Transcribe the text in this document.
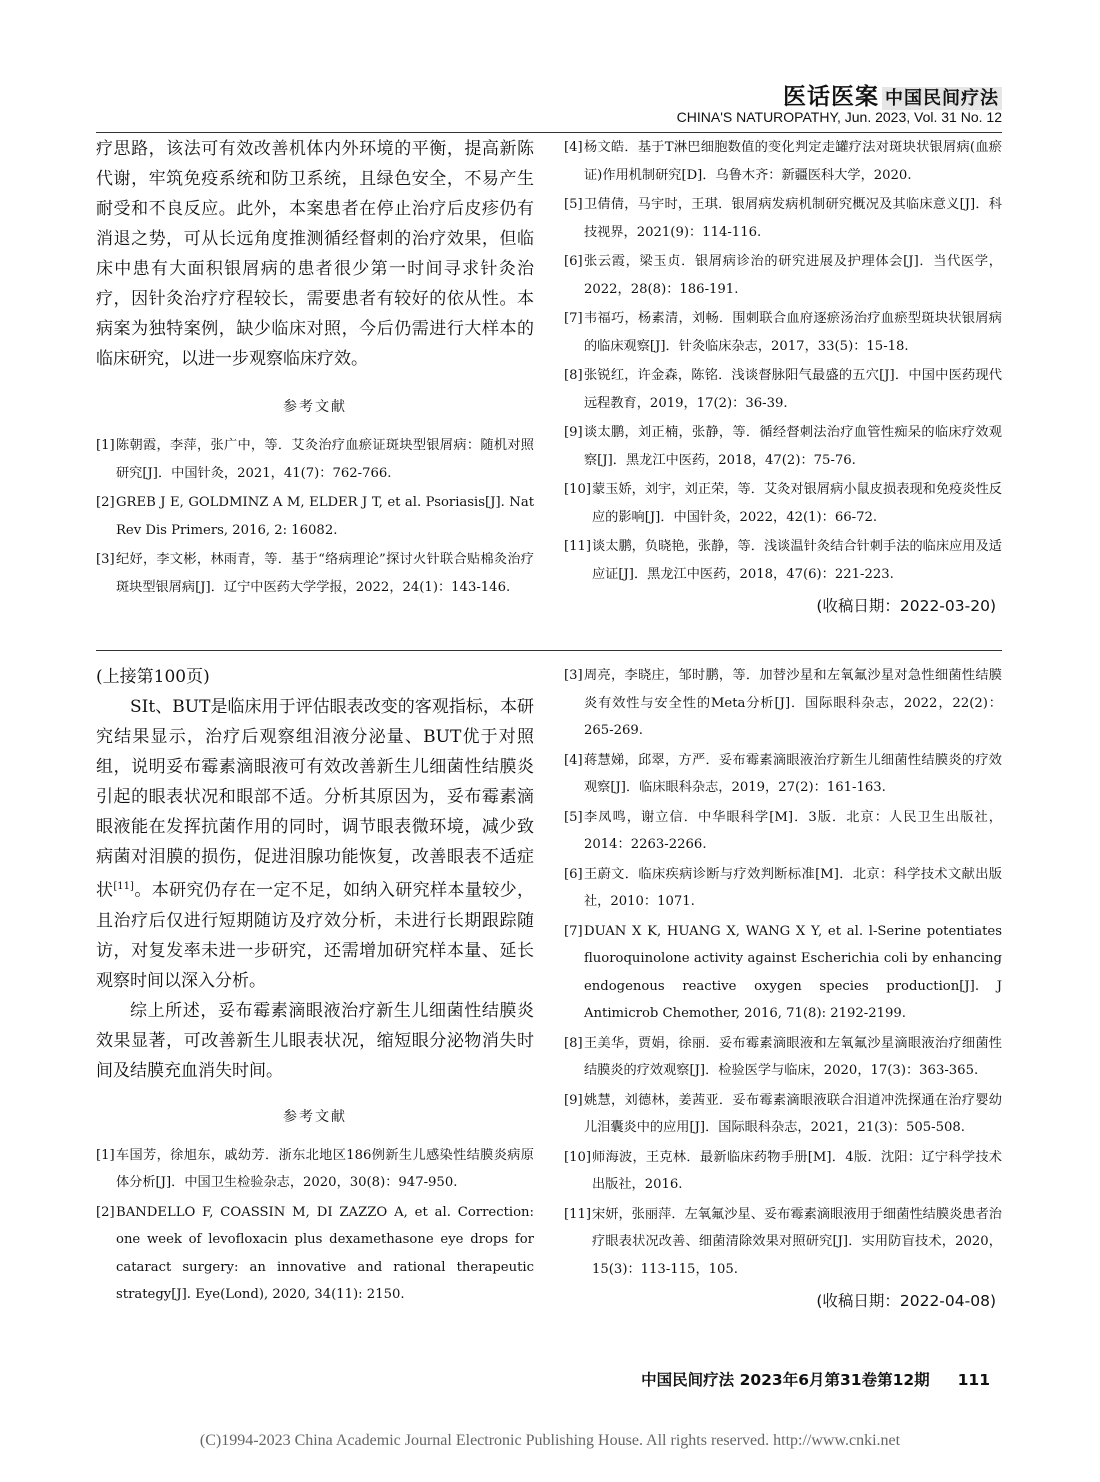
医话医案 中国民间疗法
CHINA'S NATUROPATHY, Jun. 2023, Vol. 31 No. 12

疗思路，该法可有效改善机体内外环境的平衡，提高新陈代谢，牢筑免疫系统和防卫系统，且绿色安全，不易产生耐受和不良反应。此外，本案患者在停止治疗后皮疹仍有消退之势，可从长远角度推测循经督刺的治疗效果，但临床中患有大面积银屑病的患者很少第一时间寻求针灸治疗，因针灸治疗疗程较长，需要患者有较好的依从性。本病案为独特案例，缺少临床对照，今后仍需进行大样本的临床研究，以进一步观察临床疗效。

参考文献
[1] 陈朝霞，李萍，张广中，等．艾灸治疗血瘀证斑块型银屑病：随机对照研究[J]．中国针灸，2021，41(7)：762-766.
[2] GREB J E, GOLDMINZ A M, ELDER J T, et al. Psoriasis[J]. Nat Rev Dis Primers, 2016, 2: 16082.
[3] 纪妤，李文彬，林雨青，等．基于“络病理论”探讨火针联合贴棉灸治疗斑块型银屑病[J]．辽宁中医药大学学报，2022，24(1)：143-146.
[4] 杨文皓．基于T淋巴细胞数值的变化判定走罐疗法对斑块状银屑病(血瘀证)作用机制研究[D]．乌鲁木齐：新疆医科大学，2020.
[5] 卫倩倩，马宇时，王琪．银屑病发病机制研究概况及其临床意义[J]．科技视界，2021(9)：114-116.
[6] 张云霞，梁玉贞．银屑病诊治的研究进展及护理体会[J]．当代医学，2022，28(8)：186-191.
[7] 韦福巧，杨素清，刘畅．围刺联合血府逐瘀汤治疗血瘀型斑块状银屑病的临床观察[J]．针灸临床杂志，2017，33(5)：15-18.
[8] 张锐红，许金森，陈铭．浅谈督脉阳气最盛的五穴[J]．中国中医药现代远程教育，2019，17(2)：36-39.
[9] 谈太鹏，刘正楠，张静，等．循经督刺法治疗血管性痴呆的临床疗效观察[J]．黑龙江中医药，2018，47(2)：75-76.
[10] 蒙玉娇，刘宇，刘正荣，等．艾灸对银屑病小鼠皮损表现和免疫炎性反应的影响[J]．中国针灸，2022，42(1)：66-72.
[11] 谈太鹏，负晓艳，张静，等．浅谈温针灸结合针刺手法的临床应用及适应证[J]．黑龙江中医药，2018，47(6)：221-223.
(收稿日期：2022-03-20)

(上接第100页)

SIt、BUT是临床用于评估眼表改变的客观指标，本研究结果显示，治疗后观察组泪液分泌量、BUT优于对照组，说明妥布霉素滴眼液可有效改善新生儿细菌性结膜炎引起的眼表状况和眼部不适。分析其原因为，妥布霉素滴眼液能在发挥抗菌作用的同时，调节眼表微环境，减少致病菌对泪膜的损伤，促进泪腺功能恢复，改善眼表不适症状[11]。本研究仍存在一定不足，如纳入研究样本量较少，且治疗后仅进行短期随访及疗效分析，未进行长期跟踪随访，对复发率未进一步研究，还需增加研究样本量、延长观察时间以深入分析。

综上所述，妥布霉素滴眼液治疗新生儿细菌性结膜炎效果显著，可改善新生儿眼表状况，缩短眼分泌物消失时间及结膜充血消失时间。

参考文献
[1] 车国芳，徐旭东，戚幼芳．浙东北地区186例新生儿感染性结膜炎病原体分析[J]．中国卫生检验杂志，2020，30(8)：947-950.
[2] BANDELLO F, COASSIN M, DI ZAZZO A, et al. Correction: one week of levofloxacin plus dexamethasone eye drops for cataract surgery: an innovative and rational therapeutic strategy[J]. Eye(Lond), 2020, 34(11): 2150.
[3] 周亮，李晓庄，邹时鹏，等．加替沙星和左氧氟沙星对急性细菌性结膜炎有效性与安全性的Meta分析[J]．国际眼科杂志，2022，22(2)：265-269.
[4] 蒋慧娣，邱翠，方严．妥布霉素滴眼液治疗新生儿细菌性结膜炎的疗效观察[J]．临床眼科杂志，2019，27(2)：161-163.
[5] 李凤鸣，谢立信．中华眼科学[M]．3版．北京：人民卫生出版社，2014：2263-2266.
[6] 王蔚文．临床疾病诊断与疗效判断标准[M]．北京：科学技术文献出版社，2010：1071.
[7] DUAN X K, HUANG X, WANG X Y, et al. l-Serine potentiates fluoroquinolone activity against Escherichia coli by enhancing endogenous reactive oxygen species production[J]. J Antimicrob Chemother, 2016, 71(8): 2192-2199.
[8] 王美华，贾娟，徐丽．妥布霉素滴眼液和左氧氟沙星滴眼液治疗细菌性结膜炎的疗效观察[J]．检验医学与临床，2020，17(3)：363-365.
[9] 姚慧，刘德林，姜茜亚．妥布霉素滴眼液联合泪道冲洗探通在治疗婴幼儿泪囊炎中的应用[J]．国际眼科杂志，2021，21(3)：505-508.
[10] 师海波，王克林．最新临床药物手册[M]．4版．沈阳：辽宁科学技术出版社，2016.
[11] 宋妍，张丽萍．左氧氟沙星、妥布霉素滴眼液用于细菌性结膜炎患者治疗眼表状况改善、细菌清除效果对照研究[J]．实用防盲技术，2020，15(3)：113-115，105.
(收稿日期：2022-04-08)
中国民间疗法 2023年6月第31卷第12期 111
(C)1994-2023 China Academic Journal Electronic Publishing House. All rights reserved. http://www.cnki.net
